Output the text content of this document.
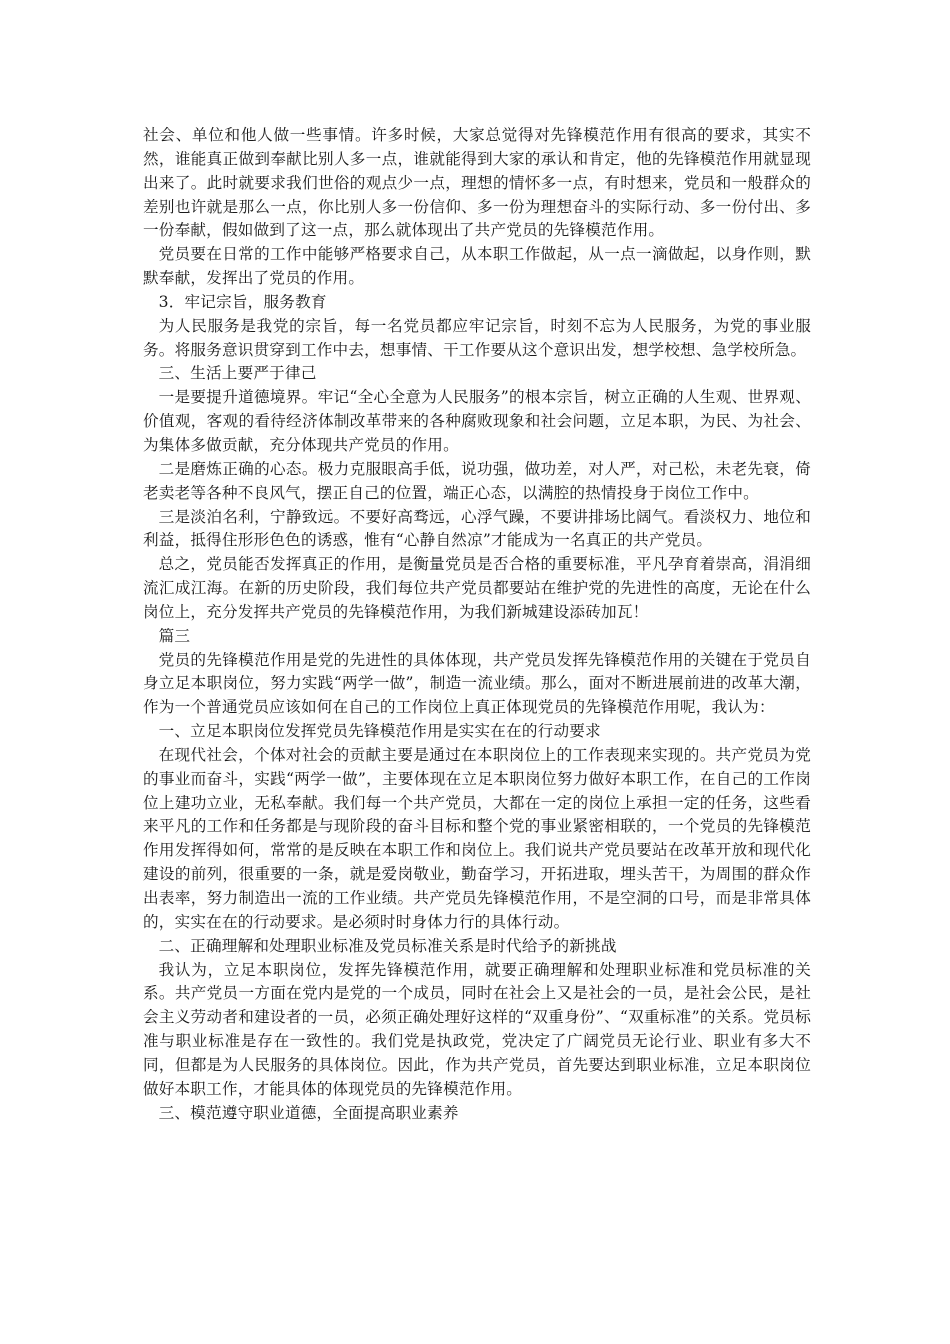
社会、单位和他人做一些事情。许多时候，大家总觉得对先锋模范作用有很高的要求，其实不然，谁能真正做到奉献比别人多一点，谁就能得到大家的承认和肯定，他的先锋模范作用就显现出来了。此时就要求我们世俗的观点少一点，理想的情怀多一点，有时想来，党员和一般群众的差别也许就是那么一点，你比别人多一份信仰、多一份为理想奋斗的实际行动、多一份付出、多一份奉献，假如做到了这一点，那么就体现出了共产党员的先锋模范作用。

党员要在日常的工作中能够严格要求自己，从本职工作做起，从一点一滴做起，以身作则，默默奉献，发挥出了党员的作用。

3．牢记宗旨，服务教育

为人民服务是我党的宗旨，每一名党员都应牢记宗旨，时刻不忘为人民服务，为党的事业服务。将服务意识贯穿到工作中去，想事情、干工作要从这个意识出发，想学校想、急学校所急。

三、生活上要严于律己

一是要提升道德境界。牢记“全心全意为人民服务”的根本宗旨，树立正确的人生观、世界观、价值观，客观的看待经济体制改革带来的各种腐败现象和社会问题，立足本职，为民、为社会、为集体多做贡献，充分体现共产党员的作用。

二是磨炼正确的心态。极力克服眼高手低，说功强，做功差，对人严，对己松，未老先衰，倚老卖老等各种不良风气，摆正自己的位置，端正心态，以满腔的热情投身于岗位工作中。

三是淡泊名利，宁静致远。不要好高骛远，心浮气躁，不要讲排场比阔气。看淡权力、地位和利益，抵得住形形色色的诱惑，惟有“心静自然凉”才能成为一名真正的共产党员。

总之，党员能否发挥真正的作用，是衡量党员是否合格的重要标准，平凡孕育着崇高，涓涓细流汇成江海。在新的历史阶段，我们每位共产党员都要站在维护党的先进性的高度，无论在什么岗位上，充分发挥共产党员的先锋模范作用，为我们新城建设添砖加瓦！

篇三

党员的先锋模范作用是党的先进性的具体体现，共产党员发挥先锋模范作用的关键在于党员自身立足本职岗位，努力实践“两学一做”，制造一流业绩。那么，面对不断进展前进的改革大潮，作为一个普通党员应该如何在自己的工作岗位上真正体现党员的先锋模范作用呢，我认为：

一、立足本职岗位发挥党员先锋模范作用是实实在在的行动要求

在现代社会，个体对社会的贡献主要是通过在本职岗位上的工作表现来实现的。共产党员为党的事业而奋斗，实践“两学一做”，主要体现在立足本职岗位努力做好本职工作，在自己的工作岗位上建功立业，无私奉献。我们每一个共产党员，大都在一定的岗位上承担一定的任务，这些看来平凡的工作和任务都是与现阶段的奋斗目标和整个党的事业紧密相联的，一个党员的先锋模范作用发挥得如何，常常的是反映在本职工作和岗位上。我们说共产党员要站在改革开放和现代化建设的前列，很重要的一条，就是爱岗敬业，勤奋学习，开拓进取，埋头苦干，为周围的群众作出表率，努力制造出一流的工作业绩。共产党员先锋模范作用，不是空洞的口号，而是非常具体的，实实在在的行动要求。是必须时时身体力行的具体行动。

二、正确理解和处理职业标准及党员标准关系是时代给予的新挑战

我认为，立足本职岗位，发挥先锋模范作用，就要正确理解和处理职业标准和党员标准的关系。共产党员一方面在党内是党的一个成员，同时在社会上又是社会的一员，是社会公民，是社会主义劳动者和建设者的一员，必须正确处理好这样的“双重身份”、“双重标准”的关系。党员标准与职业标准是存在一致性的。我们党是执政党，党决定了广阔党员无论行业、职业有多大不同，但都是为人民服务的具体岗位。因此，作为共产党员，首先要达到职业标准，立足本职岗位做好本职工作，才能具体的体现党员的先锋模范作用。

三、模范遵守职业道德，全面提高职业素养
